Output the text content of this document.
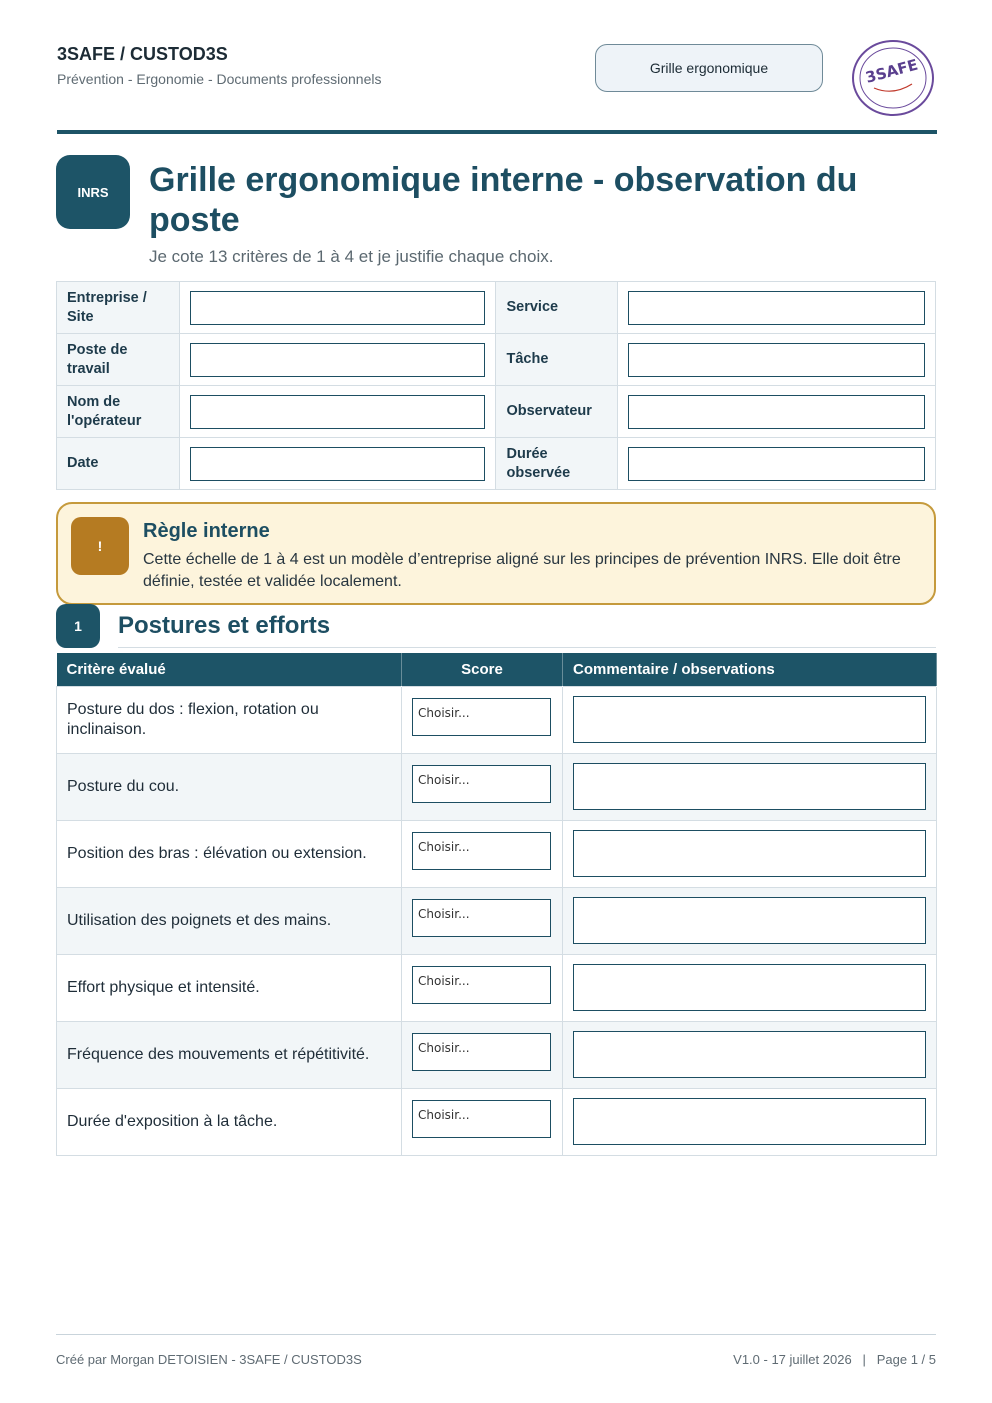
3SAFE / CUSTOD3S
Prévention - Ergonomie - Documents professionnels
Grille ergonomique	3SAFE
INRS Grille ergonomique interne - observation du poste
Je cote 13 critères de 1 à 4 et je justifie chaque choix.
Entreprise / Site		Service	

Poste de travail		Tâche	

Nom de l'opérateur		Observateur	

Date		Durée observée	
!
Règle interne
Cette échelle de 1 à 4 est un modèle d’entreprise aligné sur les principes de prévention INRS. Elle doit être définie, testée et validée localement.
1 Postures et efforts
Critère évalué	Score	Commentaire / observations
Posture du dos : flexion, rotation ou inclinaison.	Choisir...

Posture du cou.	Choisir...

Position des bras : élévation ou extension.	Choisir...

Utilisation des poignets et des mains.	Choisir...

Effort physique et intensité.	Choisir...

Fréquence des mouvements et répétitivité.	Choisir...

Durée d'exposition à la tâche.	Choisir...

Créé par Morgan DETOISIEN - 3SAFE / CUSTOD3S	V1.0 - 17 juillet 2026   |   Page 1 / 5
